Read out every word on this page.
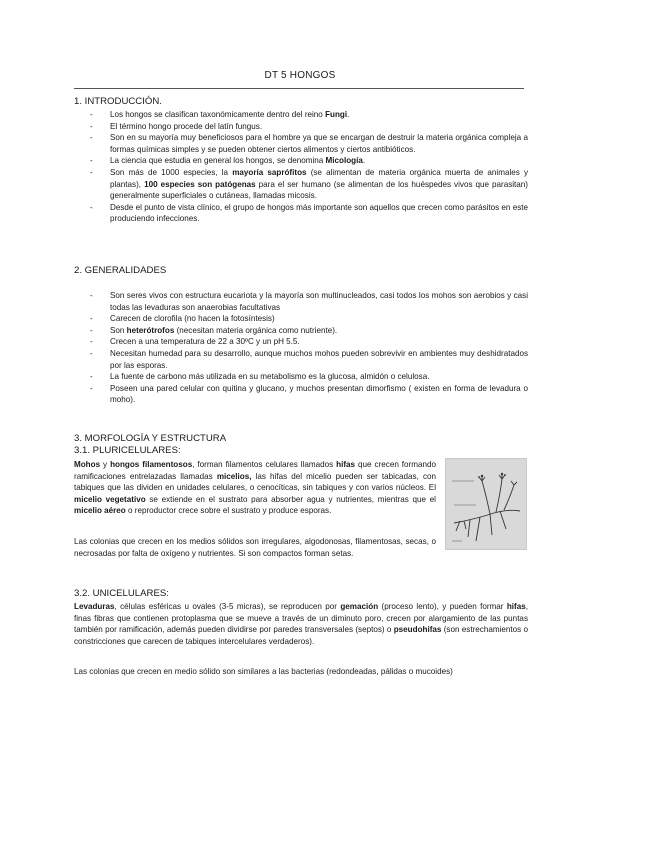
DT 5 HONGOS
1. INTRODUCCIÓN.
- Los hongos se clasifican taxonómicamente dentro del reino Fungi.
- El término hongo procede del latín fungus.
- Son en su mayoría muy beneficiosos para el hombre ya que se encargan de destruir la materia orgánica compleja a formas químicas simples y se pueden obtener ciertos alimentos y ciertos antibióticos.
- La ciencia que estudia en general los hongos, se denomina Micología.
- Son más de 1000 especies, la mayoría saprófitos (se alimentan de materia orgánica muerta de animales y plantas), 100 especies son patógenas para el ser humano (se alimentan de los huéspedes vivos que parasitan) generalmente superficiales o cutáneas, llamadas micosis.
- Desde el punto de vista clínico, el grupo de hongos más importante son aquellos que crecen como parásitos en este produciendo infecciones.
2. GENERALIDADES
- Son seres vivos con estructura eucariota y la mayoría son multinucleados, casi todos los mohos son aerobios y casi todas las levaduras son anaerobias facultativas
- Carecen de clorofila (no hacen la fotosíntesis)
- Son heterótrofos (necesitan materia orgánica como nutriente).
- Crecen a una temperatura de 22 a 30ºC y un pH 5.5.
- Necesitan humedad para su desarrollo, aunque muchos mohos pueden sobrevivir en ambientes muy deshidratados por las esporas.
- La fuente de carbono más utilizada en su metabolismo es la glucosa, almidón o celulosa.
- Poseen una pared celular con quitina y glucano, y muchos presentan dimorfismo ( existen en forma de levadura o moho).
3. MORFOLOGÍA Y ESTRUCTURA
3.1. PLURICELULARES:

Mohos y hongos filamentosos, forman filamentos celulares llamados hifas que crecen formando ramificaciones entrelazadas llamadas micelios, las hifas del micelio pueden ser tabicadas, con tabiques que las dividen en unidades celulares, o cenocíticas, sin tabiques y con varios núcleos. El micelio vegetativo se extiende en el sustrato para absorber agua y nutrientes, mientras que el micelio aéreo o reproductor crece sobre el sustrato y produce esporas.

Las colonias que crecen en los medios sólidos son irregulares, algodonosas, filamentosas, secas, o necrosadas por falta de oxígeno y nutrientes. Si son compactos forman setas.

3.2. UNICELULARES:

Levaduras, células esféricas u ovales (3-5 micras), se reproducen por gemación (proceso lento), y pueden formar hifas, finas fibras que contienen protoplasma que se mueve a través de un diminuto poro, crecen por alargamiento de las puntas también por ramificación, además pueden dividirse por paredes transversales (septos) o pseudohifas (son estrechamientos o constricciones que carecen de tabiques intercelulares verdaderos).

Las colonias que crecen en medio sólido son similares a las bacterias (redondeadas, pálidas o mucoides)
